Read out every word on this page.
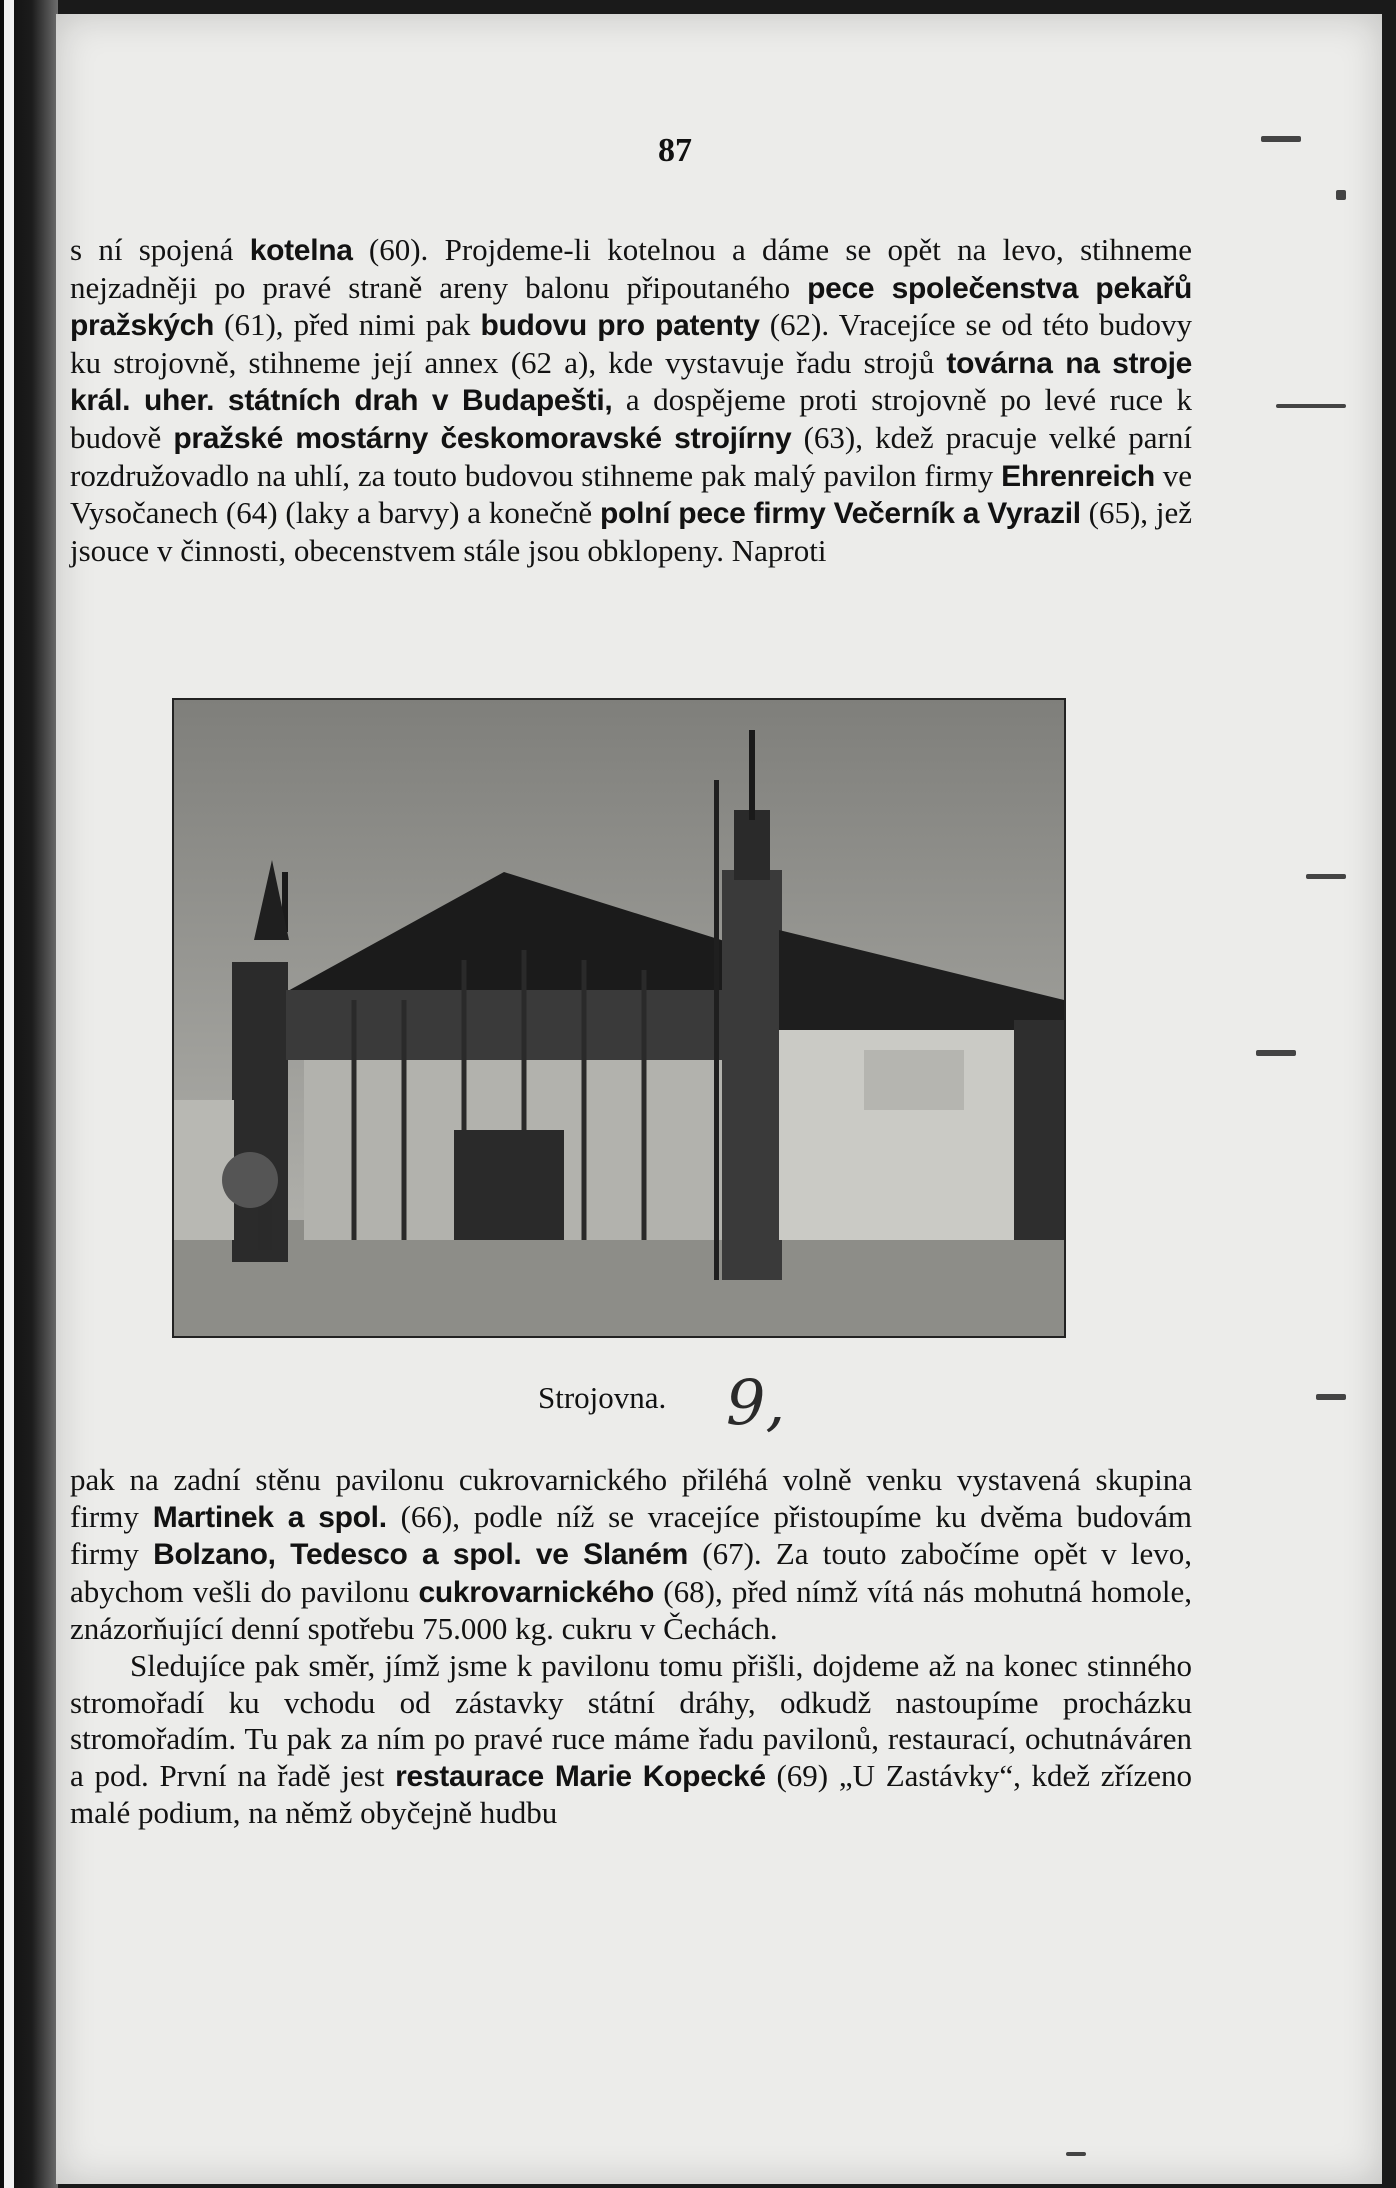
87

s ní spojená kotelna (60). Projdeme-li kotelnou a dáme se opět na levo, stihneme nejzadněji po pravé straně areny balonu připoutaného pece společenstva pekařů pražských (61), před nimi pak budovu pro patenty (62). Vracejíce se od této budovy ku strojovně, stihneme její annex (62 a), kde vystavuje řadu strojů továrna na stroje král. uher. státních drah v Budapešti, a dospějeme proti strojovně po levé ruce k budově pražské mostárny českomoravské strojírny (63), kdež pracuje velké parní rozdružovadlo na uhlí, za touto budovou stihneme pak malý pavilon firmy Ehrenreich ve Vysočanech (64) (laky a barvy) a konečně polní pece firmy Večerník a Vyrazil (65), jež jsouce v činnosti, obecenstvem stále jsou obklopeny. Naproti

Strojovna. 9,

pak na zadní stěnu pavilonu cukrovarnického přiléhá volně venku vystavená skupina firmy Martinek a spol. (66), podle níž se vracejíce přistoupíme ku dvěma budovám firmy Bolzano, Tedesco a spol. ve Slaném (67). Za touto zabočíme opět v levo, abychom vešli do pavilonu cukrovarnického (68), před nímž vítá nás mohutná homole, znázorňující denní spotřebu 75.000 kg. cukru v Čechách.

Sledujíce pak směr, jímž jsme k pavilonu tomu přišli, dojdeme až na konec stinného stromořadí ku vchodu od zástavky státní dráhy, odkudž nastoupíme procházku stromořadím. Tu pak za ním po pravé ruce máme řadu pavilonů, restaurací, ochutnáváren a pod. První na řadě jest restaurace Marie Kopecké (69) „U Zastávky“, kdež zřízeno malé podium, na němž obyčejně hudbu
